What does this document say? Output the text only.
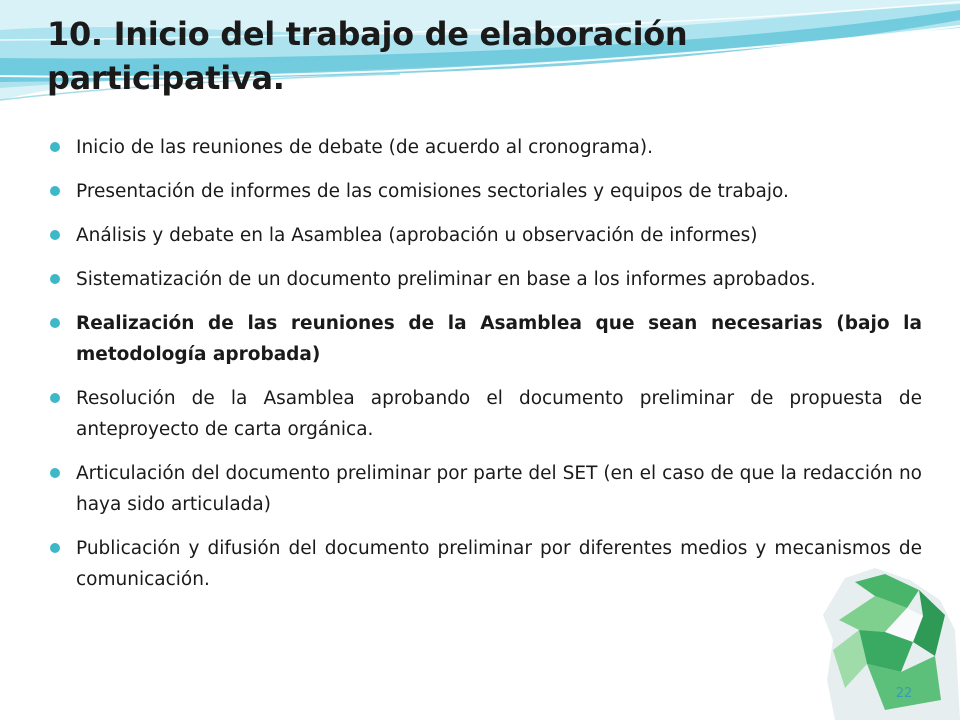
10. Inicio del trabajo de elaboración participativa.
Inicio de las reuniones de debate (de acuerdo al cronograma).
Presentación de informes de las comisiones sectoriales y equipos de trabajo.
Análisis y debate en la Asamblea (aprobación u observación de informes)
Sistematización de un documento preliminar en base a los informes aprobados.
Realización de las reuniones de la Asamblea que sean necesarias (bajo la metodología aprobada)
Resolución de la Asamblea aprobando el documento preliminar de propuesta de anteproyecto de carta orgánica.
Articulación del documento preliminar por parte del SET (en el caso de que la redacción no haya sido articulada)
Publicación y difusión del documento preliminar por diferentes medios y mecanismos de comunicación.
22
